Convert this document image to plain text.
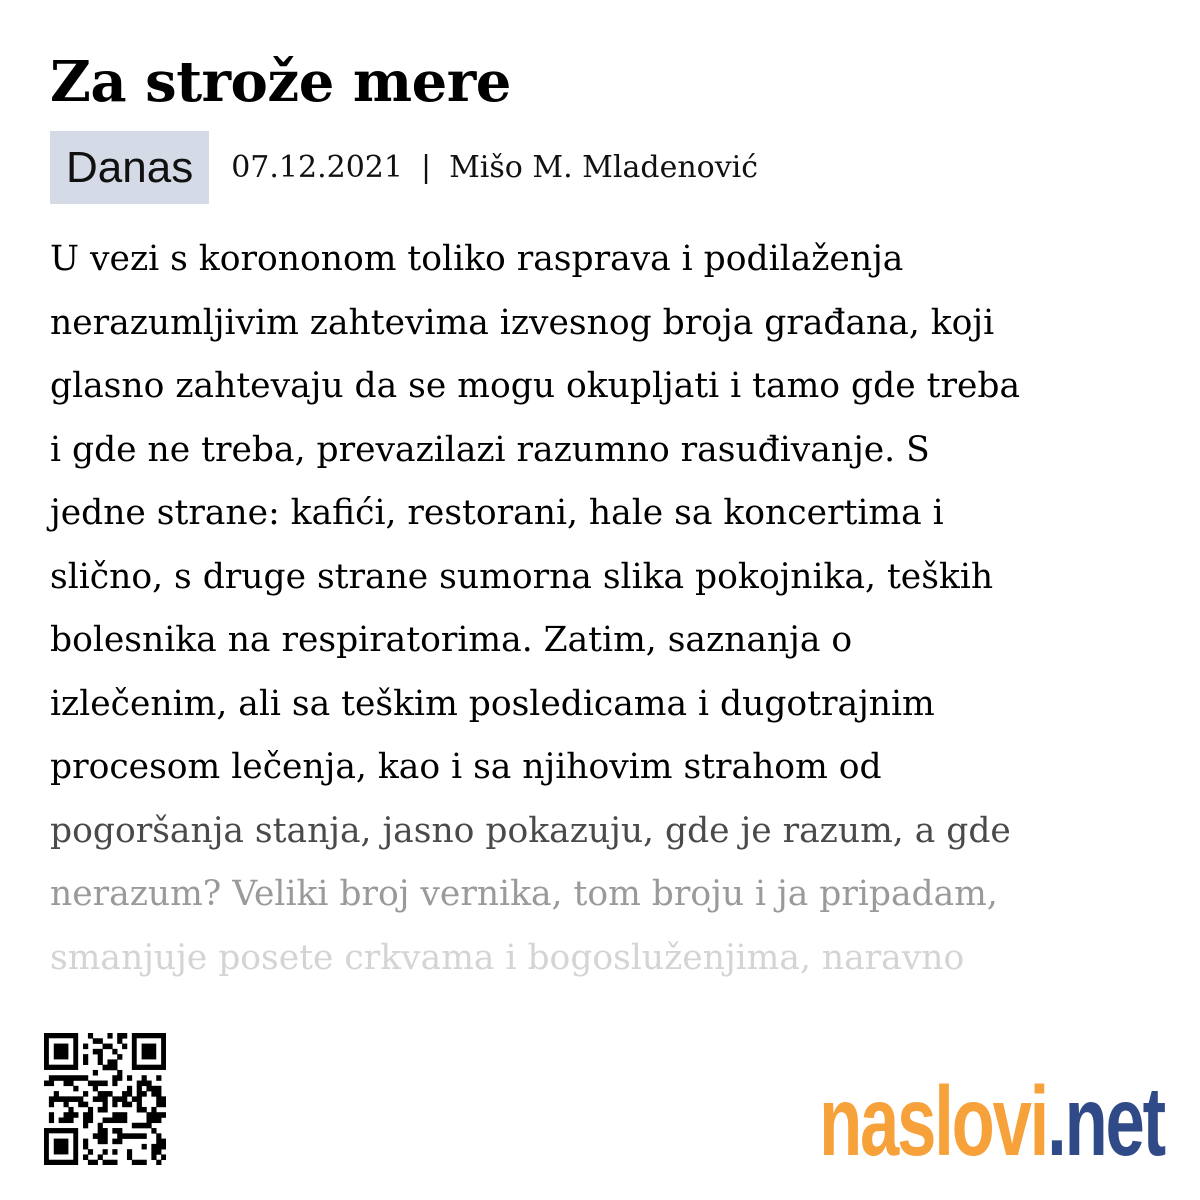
Za strože mere
Danas	07.12.2021 | Mišo M. Mladenović
U vezi s korononom toliko rasprava i podilaženja
nerazumljivim zahtevima izvesnog broja građana, koji
glasno zahtevaju da se mogu okupljati i tamo gde treba
i gde ne treba, prevazilazi razumno rasuđivanje. S
jedne strane: kafići, restorani, hale sa koncertima i
slično, s druge strane sumorna slika pokojnika, teških
bolesnika na respiratorima. Zatim, saznanja o
izlečenim, ali sa teškim posledicama i dugotrajnim
procesom lečenja, kao i sa njihovim strahom od
pogoršanja stanja, jasno pokazuju, gde je razum, a gde
nerazum? Veliki broj vernika, tom broju i ja pripadam,
smanjuje posete crkvama i bogosluženjima, naravno
naslovi .net
